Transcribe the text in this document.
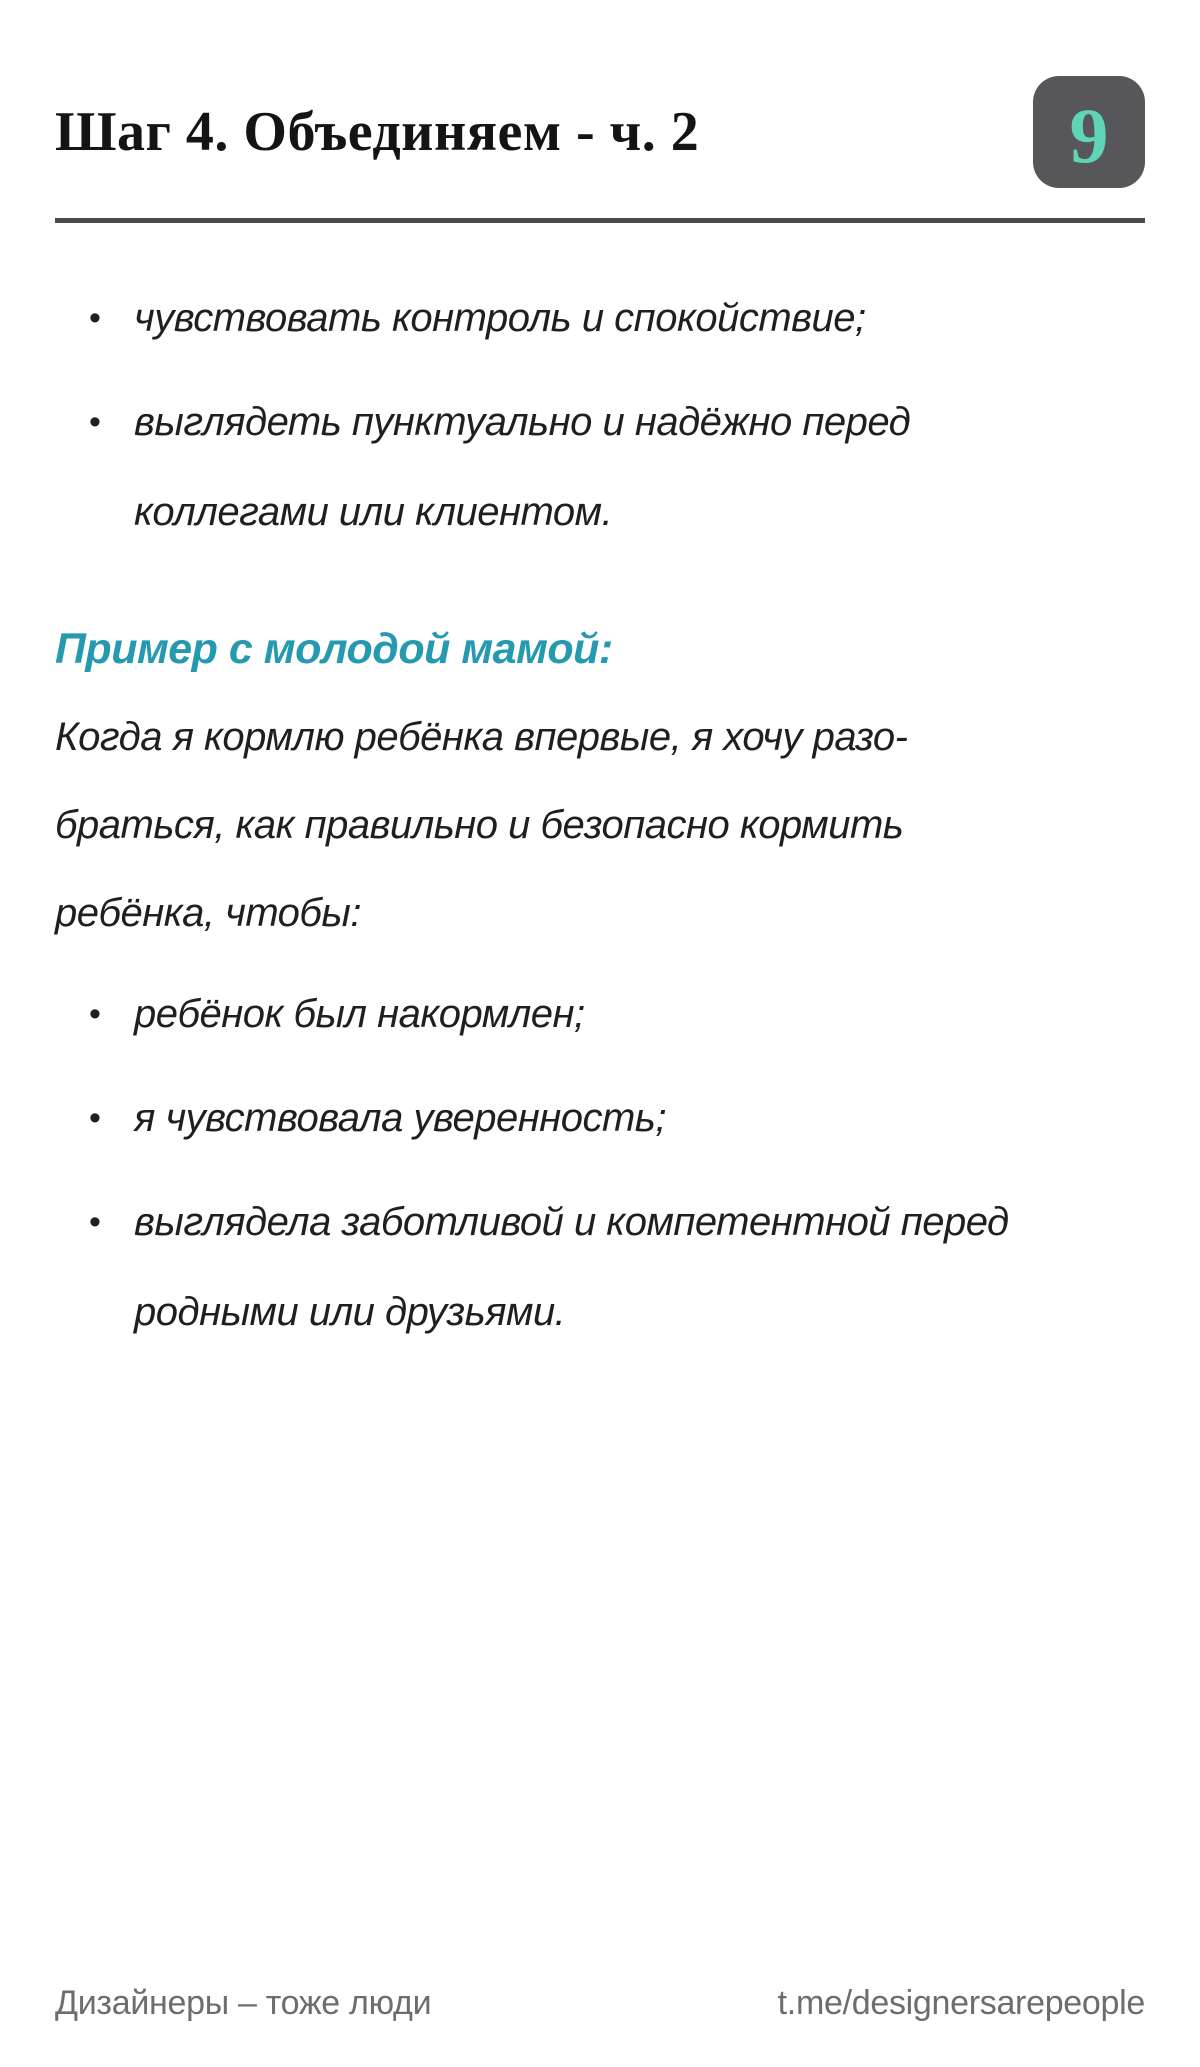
Шаг 4. Объединяем - ч. 2	9
• чувствовать контроль и спокойствие;
• выглядеть пунктуально и надёжно перед
коллегами или клиентом.
Пример с молодой мамой:

Когда я кормлю ребёнка впервые, я хочу разо-
браться, как правильно и безопасно кормить
ребёнка, чтобы:

• ребёнок был накормлен;
• я чувствовала уверенность;
• выглядела заботливой и компетентной перед
родными или друзьями.
Дизайнеры – тоже люди	t.me/designersarepeople
